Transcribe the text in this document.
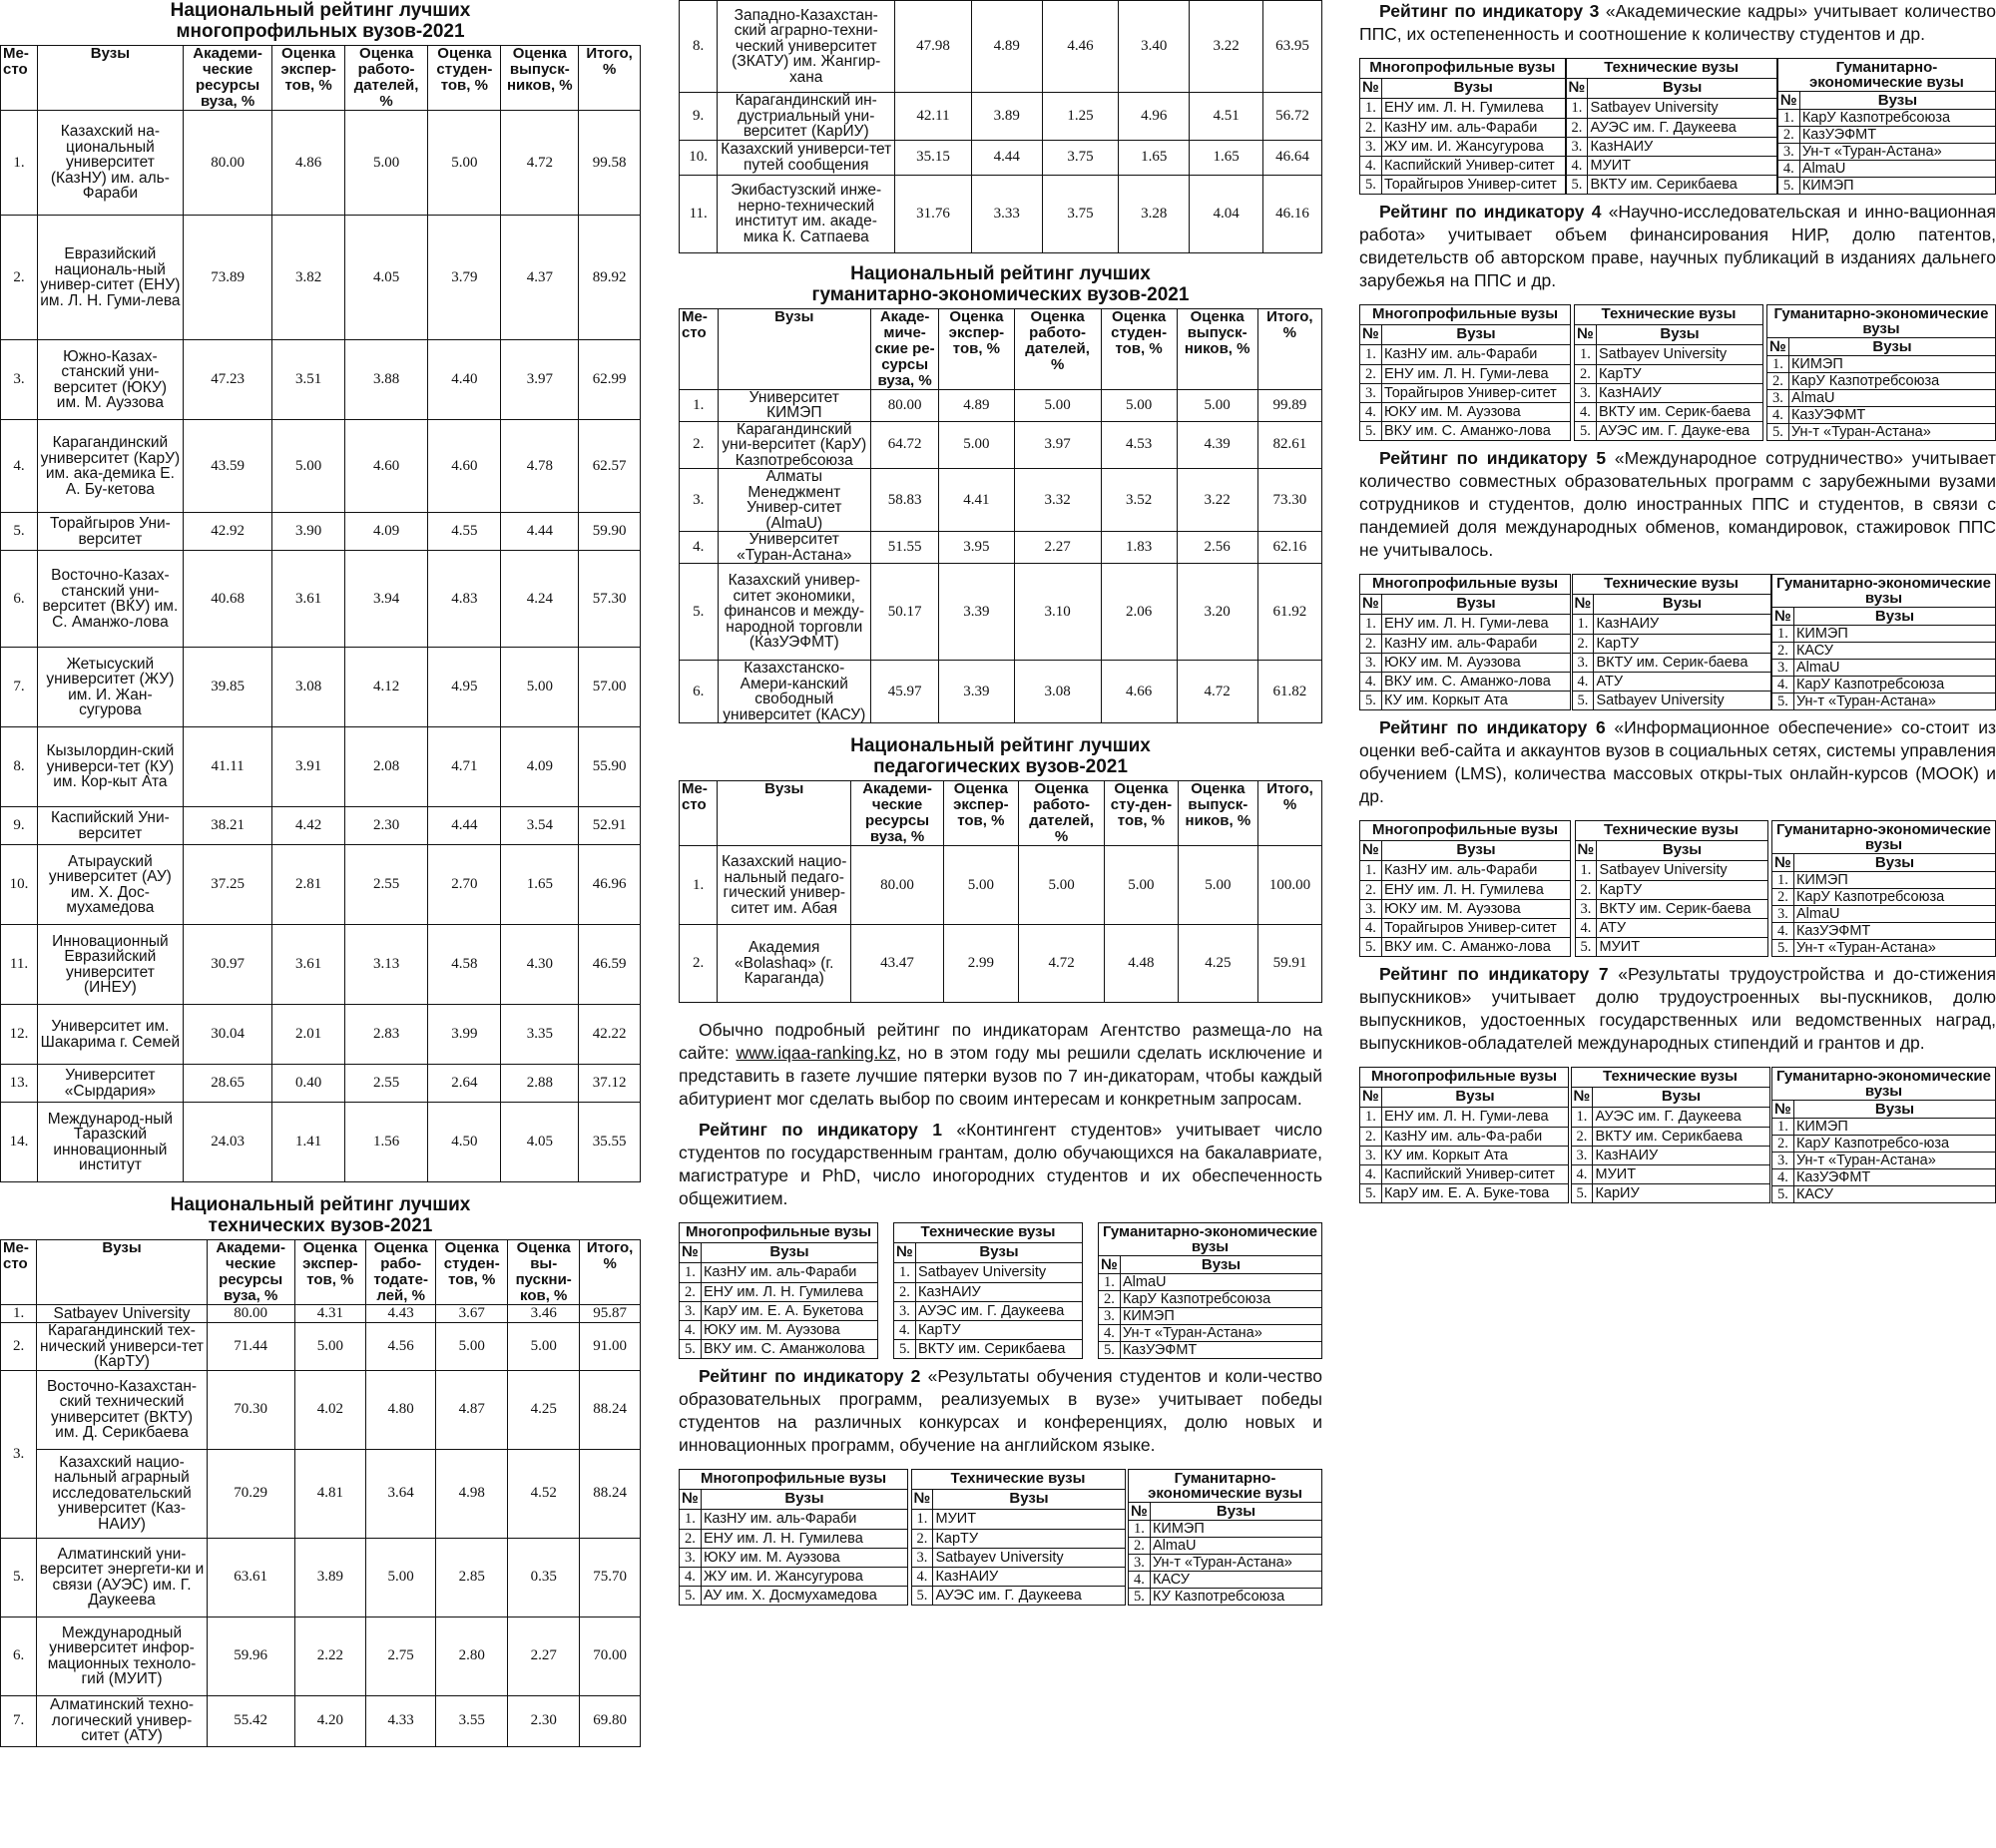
Национальный рейтинг лучших
многопрофильных вузов-2021
Ме-сто	Вузы	Академи-ческие ресурсы вуза, %	Оценка экспер-тов, %	Оценка работо-дателей, %	Оценка студен-тов, %	Оценка выпуск-ников, %	Итого, %
1.	Казахский на-циональный университет (КазНУ) им. аль-Фараби	80.00	4.86	5.00	5.00	4.72	99.58
2.	Евразийский националь-ный универ-ситет (ЕНУ) им. Л. Н. Гуми-лева	73.89	3.82	4.05	3.79	4.37	89.92
3.	Южно-Казах-станский уни-верситет (ЮКУ) им. М. Ауэзова	47.23	3.51	3.88	4.40	3.97	62.99
4.	Карагандинский университет (КарУ) им. ака-демика Е. А. Бу-кетова	43.59	5.00	4.60	4.60	4.78	62.57
5.	Торайгыров Уни-верситет	42.92	3.90	4.09	4.55	4.44	59.90
6.	Восточно-Казах-станский уни-верситет (ВКУ) им. С. Аманжо-лова	40.68	3.61	3.94	4.83	4.24	57.30
7.	Жетысуский университет (ЖУ) им. И. Жан-сугурова	39.85	3.08	4.12	4.95	5.00	57.00
8.	Кызылордин-ский универси-тет (КУ) им. Кор-кыт Ата	41.11	3.91	2.08	4.71	4.09	55.90
9.	Каспийский Уни-верситет	38.21	4.42	2.30	4.44	3.54	52.91
10.	Атырауский университет (АУ) им. Х. Дос-мухамедова	37.25	2.81	2.55	2.70	1.65	46.96
11.	Инновационный Евразийский университет (ИНЕУ)	30.97	3.61	3.13	4.58	4.30	46.59
12.	Университет им. Шакарима г. Семей	30.04	2.01	2.83	3.99	3.35	42.22
13.	Университет «Сырдария»	28.65	0.40	2.55	2.64	2.88	37.12
14.	Международ-ный Таразский инновационный институт	24.03	1.41	1.56	4.50	4.05	35.55
Национальный рейтинг лучших
технических вузов-2021
Ме-сто	Вузы	Академи-ческие ресурсы вуза, %	Оценка экспер-тов, %	Оценка рабо-тодате-лей, %	Оценка студен-тов, %	Оценка вы-пускни-ков, %	Итого, %
1.	Satbayev University	80.00	4.31	4.43	3.67	3.46	95.87
2.	Карагандинский тех-нический универси-тет (КарТУ)	71.44	5.00	4.56	5.00	5.00	91.00
3.	Восточно-Казахстан-ский технический университет (ВКТУ) им. Д. Серикбаева	70.30	4.02	4.80	4.87	4.25	88.24
	Казахский нацио-нальный аграрный исследовательский университет (Каз-НАИУ)	70.29	4.81	3.64	4.98	4.52	88.24
5.	Алматинский уни-верситет энергети-ки и связи (АУЭС) им. Г. Даукеева	63.61	3.89	5.00	2.85	0.35	75.70
6.	Международный университет инфор-мационных техноло-гий (МУИТ)	59.96	2.22	2.75	2.80	2.27	70.00
7.	Алматинский техно-логический универ-ситет (АТУ)	55.42	4.20	4.33	3.55	2.30	69.80
8.	Западно-Казахстан-ский аграрно-техни-ческий университет (ЗКАТУ) им. Жангир-хана	47.98	4.89	4.46	3.40	3.22	63.95
9.	Карагандинский ин-дустриальный уни-верситет (КарИУ)	42.11	3.89	1.25	4.96	4.51	56.72
10.	Казахский универси-тет путей сообщения	35.15	4.44	3.75	1.65	1.65	46.64
11.	Экибастузский инже-нерно-технический институт им. акаде-мика К. Сатпаева	31.76	3.33	3.75	3.28	4.04	46.16
Национальный рейтинг лучших
гуманитарно-экономических вузов-2021
Ме-сто	Вузы	Акаде-миче-ские ре-сурсы вуза, %	Оценка экспер-тов, %	Оценка работо-дателей, %	Оценка студен-тов, %	Оценка выпуск-ников, %	Итого, %
1.	Университет КИМЭП	80.00	4.89	5.00	5.00	5.00	99.89
2.	Карагандинский уни-верситет (КарУ) Казпотребсоюза	64.72	5.00	3.97	4.53	4.39	82.61
3.	Алматы Менеджмент Универ-ситет (AlmaU)	58.83	4.41	3.32	3.52	3.22	73.30
4.	Университет «Туран-Астана»	51.55	3.95	2.27	1.83	2.56	62.16
5.	Казахский универ-ситет экономики, финансов и между-народной торговли (КазУЭФМТ)	50.17	3.39	3.10	2.06	3.20	61.92
6.	Казахстанско-Амери-канский свободный университет (КАСУ)	45.97	3.39	3.08	4.66	4.72	61.82
Национальный рейтинг лучших
педагогических вузов-2021
Ме-сто	Вузы	Академи-ческие ресурсы вуза, %	Оценка экспер-тов, %	Оценка работо-дателей, %	Оценка сту-ден-тов, %	Оценка выпуск-ников, %	Итого, %
1.	Казахский нацио-нальный педаго-гический универ-ситет им. Абая	80.00	5.00	5.00	5.00	5.00	100.00
2.	Академия «Bolashaq» (г. Караганда)	43.47	2.99	4.72	4.48	4.25	59.91

Обычно подробный рейтинг по индикаторам Агентство размеща-ло на сайте: www.iqaa-ranking.kz, но в этом году мы решили сделать исключение и представить в газете лучшие пятерки вузов по 7 ин-дикаторам, чтобы каждый абитуриент мог сделать выбор по своим интересам и конкретным запросам.

Рейтинг по индикатору 1 «Контингент студентов» учитывает число студентов по государственным грантам, долю обучающихся на бакалавриате, магистратуре и PhD, число иногородних студентов и их обеспеченность общежитием.

Многопрофильные вузы	
№	Вузы
1.	КазНУ им. аль-Фараби
2.	ЕНУ им. Л. Н. Гумилева
3.	КарУ им. Е. А. Букетова
4.	ЮКУ им. М. Ауэзова
5.	ВКУ им. С. Аманжолова
Технические вузы	
№	Вузы
1.	Satbayev University
2.	КазНАИУ
3.	АУЭС им. Г. Даукеева
4.	КарТУ
5.	ВКТУ им. Серикбаева
Гуманитарно-экономические вузы	
№	Вузы
1.	AlmaU
2.	КарУ Казпотребсоюза
3.	КИМЭП
4.	Ун-т «Туран-Астана»
5.	КазУЭФМТ

Рейтинг по индикатору 2 «Результаты обучения студентов и коли-чество образовательных программ, реализуемых в вузе» учитывает победы студентов на различных конкурсах и конференциях, долю новых и инновационных программ, обучение на английском языке.

Многопрофильные вузы	
№	Вузы
1.	КазНУ им. аль-Фараби
2.	ЕНУ им. Л. Н. Гумилева
3.	ЮКУ им. М. Ауэзова
4.	ЖУ им. И. Жансугурова
5.	АУ им. Х. Досмухамедова
Технические вузы	
№	Вузы
1.	МУИТ
2.	КарТУ
3.	Satbayev University
4.	КазНАИУ
5.	АУЭС им. Г. Даукеева
Гуманитарно-экономические вузы	
№	Вузы
1.	КИМЭП
2.	AlmaU
3.	Ун-т «Туран-Астана»
4.	КАСУ
5.	КУ Казпотребсоюза

Рейтинг по индикатору 3 «Академические кадры» учитывает количество ППС, их остепененность и соотношение к количеству студентов и др.

Многопрофильные вузы	
№	Вузы
1.	ЕНУ им. Л. Н. Гумилева
2.	КазНУ им. аль-Фараби
3.	ЖУ им. И. Жансугурова
4.	Каспийский Универ-ситет
5.	Торайгыров Универ-ситет
Технические вузы	
№	Вузы
1.	Satbayev University
2.	АУЭС им. Г. Даукеева
3.	КазНАИУ
4.	МУИТ
5.	ВКТУ им. Серикбаева
Гуманитарно-экономические вузы	
№	Вузы
1.	КарУ Казпотребсоюза
2.	КазУЭФМТ
3.	Ун-т «Туран-Астана»
4.	AlmaU
5.	КИМЭП

Рейтинг по индикатору 4 «Научно-исследовательская и инно-вационная работа» учитывает объем финансирования НИР, долю патентов, свидетельств об авторском праве, научных публикаций в изданиях дальнего зарубежья на ППС и др.

Многопрофильные вузы	
№	Вузы
1.	КазНУ им. аль-Фараби
2.	ЕНУ им. Л. Н. Гуми-лева
3.	Торайгыров Универ-ситет
4.	ЮКУ им. М. Ауэзова
5.	ВКУ им. С. Аманжо-лова
Технические вузы	
№	Вузы
1.	Satbayev University
2.	КарТУ
3.	КазНАИУ
4.	ВКТУ им. Серик-баева
5.	АУЭС им. Г. Дауке-ева
Гуманитарно-экономические вузы	
№	Вузы
1.	КИМЭП
2.	КарУ Казпотребсоюза
3.	AlmaU
4.	КазУЭФМТ
5.	Ун-т «Туран-Астана»

Рейтинг по индикатору 5 «Международное сотрудничество» учитывает количество совместных образовательных программ с зарубежными вузами сотрудников и студентов, долю иностранных ППС и студентов, в связи с пандемией доля международных обменов, командировок, стажировок ППС не учитывалось.

Многопрофильные вузы	
№	Вузы
1.	ЕНУ им. Л. Н. Гуми-лева
2.	КазНУ им. аль-Фараби
3.	ЮКУ им. М. Ауэзова
4.	ВКУ им. С. Аманжо-лова
5.	КУ им. Коркыт Ата
Технические вузы	
№	Вузы
1.	КазНАИУ
2.	КарТУ
3.	ВКТУ им. Серик-баева
4.	АТУ
5.	Satbayev University
Гуманитарно-экономические вузы	
№	Вузы
1.	КИМЭП
2.	КАСУ
3.	AlmaU
4.	КарУ Казпотребсоюза
5.	Ун-т «Туран-Астана»

Рейтинг по индикатору 6 «Информационное обеспечение» со-стоит из оценки веб-сайта и аккаунтов вузов в социальных сетях, системы управления обучением (LMS), количества массовых откры-тых онлайн-курсов (МООК) и др.

Многопрофильные вузы	
№	Вузы
1.	КазНУ им. аль-Фараби
2.	ЕНУ им. Л. Н. Гумилева
3.	ЮКУ им. М. Ауэзова
4.	Торайгыров Универ-ситет
5.	ВКУ им. С. Аманжо-лова
Технические вузы	
№	Вузы
1.	Satbayev University
2.	КарТУ
3.	ВКТУ им. Серик-баева
4.	АТУ
5.	МУИТ
Гуманитарно-экономические вузы	
№	Вузы
1.	КИМЭП
2.	КарУ Казпотребсоюза
3.	AlmaU
4.	КазУЭФМТ
5.	Ун-т «Туран-Астана»

Рейтинг по индикатору 7 «Результаты трудоустройства и до-стижения выпускников» учитывает долю трудоустроенных вы-пускников, долю выпускников, удостоенных государственных или ведомственных наград, выпускников-обладателей международных стипендий и грантов и др.

Многопрофильные вузы	
№	Вузы
1.	ЕНУ им. Л. Н. Гуми-лева
2.	КазНУ им. аль-Фа-раби
3.	КУ им. Коркыт Ата
4.	Каспийский Универ-ситет
5.	КарУ им. Е. А. Буке-това
Технические вузы	
№	Вузы
1.	АУЭС им. Г. Даукеева
2.	ВКТУ им. Серикбаева
3.	КазНАИУ
4.	МУИТ
5.	КарИУ
Гуманитарно-экономические вузы	
№	Вузы
1.	КИМЭП
2.	КарУ Казпотребсо-юза
3.	Ун-т «Туран-Астана»
4.	КазУЭФМТ
5.	КАСУ
